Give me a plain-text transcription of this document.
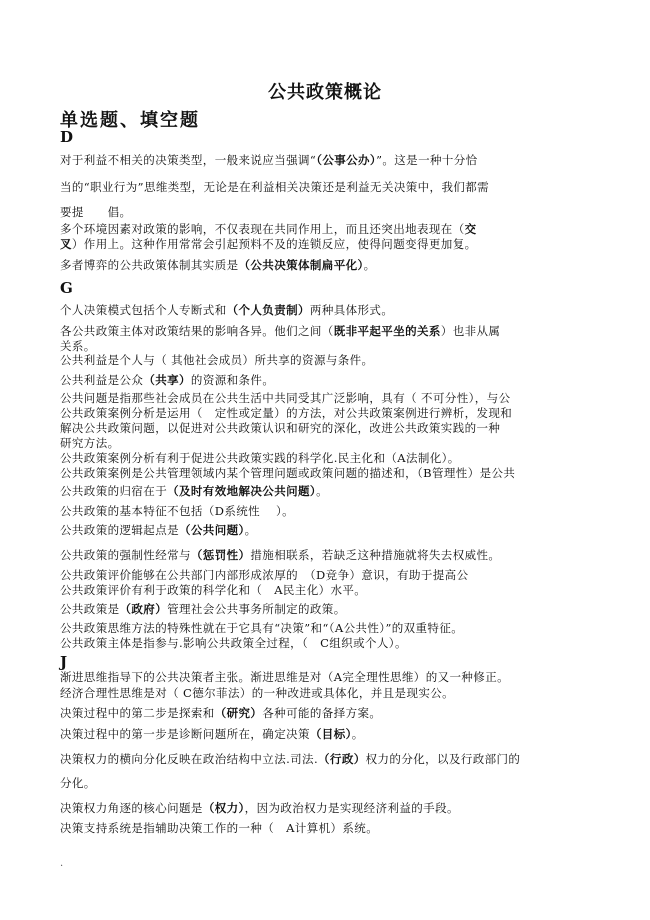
公共政策概论
单选题、填空题
D
对于利益不相关的决策类型，一般来说应当强调“（公事公办）”。这是一种十分恰
当的“职业行为”思维类型，无论是在利益相关决策还是利益无关决策中，我们都需
要提　　倡。
多个环境因素对政策的影响，不仅表现在共同作用上，而且还突出地表现在（交
叉）作用上。这种作用常常会引起预料不及的连锁反应，使得问题变得更加复。
多者博弈的公共政策体制其实质是（公共决策体制扁平化）。
G
个人决策模式包括个人专断式和（个人负责制）两种具体形式。
各公共政策主体对政策结果的影响各异。他们之间（既非平起平坐的关系）也非从属
关系。
公共利益是个人与（ 其他社会成员）所共享的资源与条件。
公共利益是公众（共享）的资源和条件。
公共问题是指那些社会成员在公共生活中共同受其广泛影响，具有（ 不可分性），与公
公共政策案例分析是运用（　定性或定量）的方法，对公共政策案例进行辨析，发现和
解决公共政策问题，以促进对公共政策认识和研究的深化，改进公共政策实践的一种
研究方法。
公共政策案例分析有利于促进公共政策实践的科学化.民主化和（A法制化）。
公共政策案例是公共管理领域内某个管理问题或政策问题的描述和，（B管理性）是公共
公共政策的归宿在于（及时有效地解决公共问题）。
公共政策的基本特征不包括（D系统性　 ）。
公共政策的逻辑起点是（公共问题）。
公共政策的强制性经常与（惩罚性）措施相联系，若缺乏这种措施就将失去权威性。
公共政策评价能够在公共部门内部形成浓厚的　（D竞争）意识，有助于提高公
公共政策评价有利于政策的科学化和（　A民主化）水平。
公共政策是（政府）管理社会公共事务所制定的政策。
公共政策思维方法的特殊性就在于它具有“决策”和“（A公共性）”的双重特征。
公共政策主体是指参与.影响公共政策全过程，（　C组织或个人）。
J
渐进思维指导下的公共决策者主张。渐进思维是对（A完全理性思维）的又一种修正。
经济合理性思维是对（ C德尔菲法）的一种改进或具体化，并且是现实公。
决策过程中的第二步是探索和（研究）各种可能的备择方案。
决策过程中的第一步是诊断问题所在，确定决策（目标）。
决策权力的横向分化反映在政治结构中立法.司法.（行政）权力的分化，以及行政部门的
分化。
决策权力角逐的核心问题是（权力），因为政治权力是实现经济利益的手段。
决策支持系统是指辅助决策工作的一种（　A计算机）系统。
.
